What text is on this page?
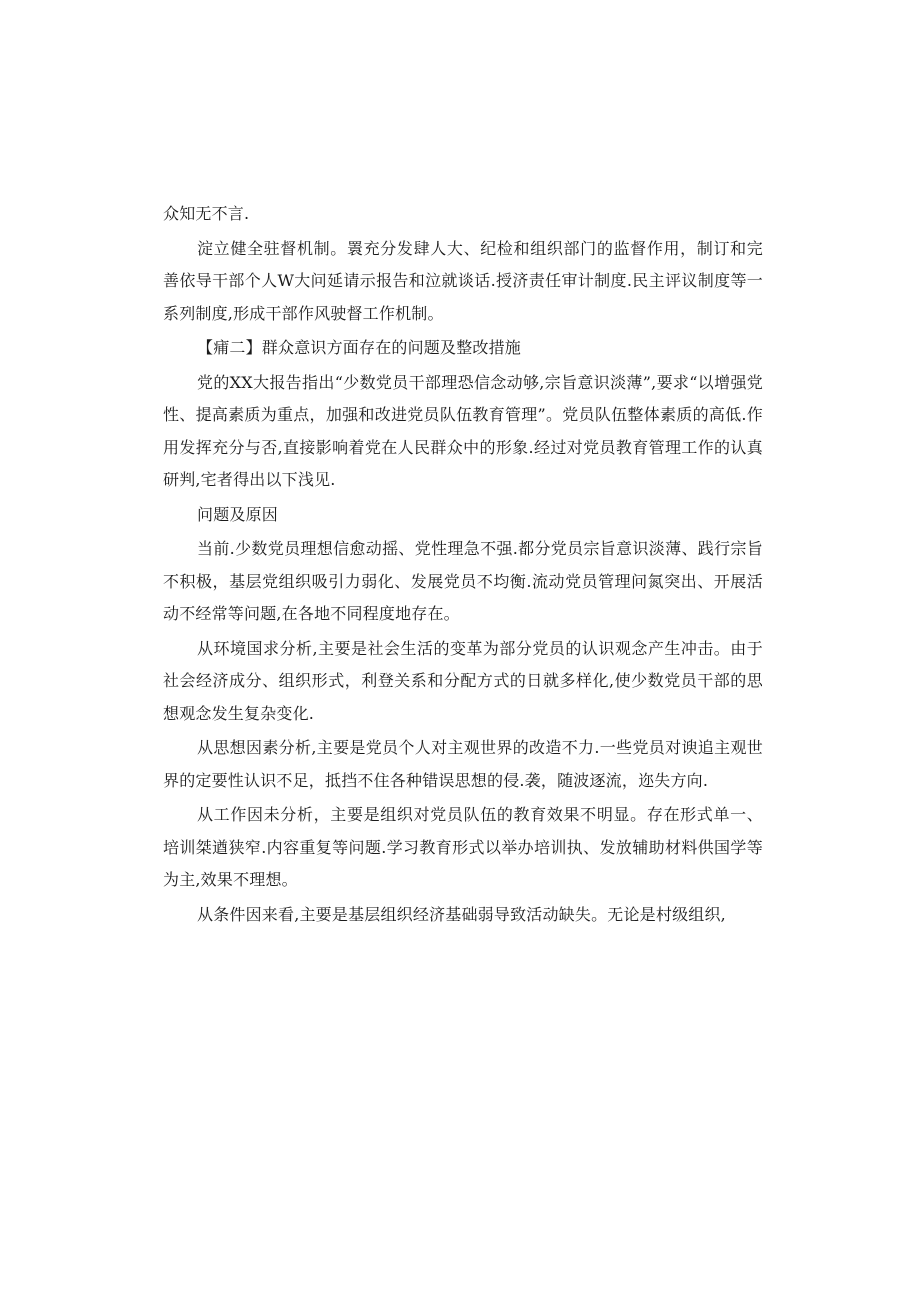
众知无不言.

淀立健全驻督机制。瞏充分发肆人大、纪检和组织部门的监督作用，制订和完善依导干部个人W大问延请示报告和泣就谈话.授济责任审计制度.民主评议制度等一系列制度,形成干部作风驶督工作机制。

【痡二】群众意识方面存在的问题及整改措施

党的XX大报告指出“少数党员干部理恐信念动够,宗旨意识淡薄”,要求“以增强党性、提高素质为重点，加强和改进党员队伍教育管理”。党员队伍整体素质的高低.作用发挥充分与否,直接影响着党在人民群众中的形象.经过对党员教育管理工作的认真研判,宅者得出以下浅见.

问题及原因

当前.少数党员理想信愈动摇、党性理急不强.都分党员宗旨意识淡薄、践行宗旨不积极，基层党组织吸引力弱化、发展党员不均衡.流动党员管理问氮突出、开展活动不经常等问题,在各地不同程度地存在。

从环境国求分析,主要是社会生活的变革为部分党员的认识观念产生冲击。由于社会经济成分、组织形式，利登关系和分配方式的日就多样化,使少数党员干部的思想观念发生复杂变化.

从思想因素分析,主要是党员个人对主观世界的改造不力.一些党员对谀追主观世界的定要性认识不足，抵挡不住各种错误思想的侵.袭，随波逐流，迩失方向.

从工作因未分析，主要是组织对党员队伍的教育效果不明显。存在形式单一、培训桀遒狭窄.内容重复等问题.学习教育形式以举办培训执、发放辅助材料供国学等为主,效果不理想。

从条件因来看,主要是基层组织经济基础弱导致活动缺失。无论是村级组织,
